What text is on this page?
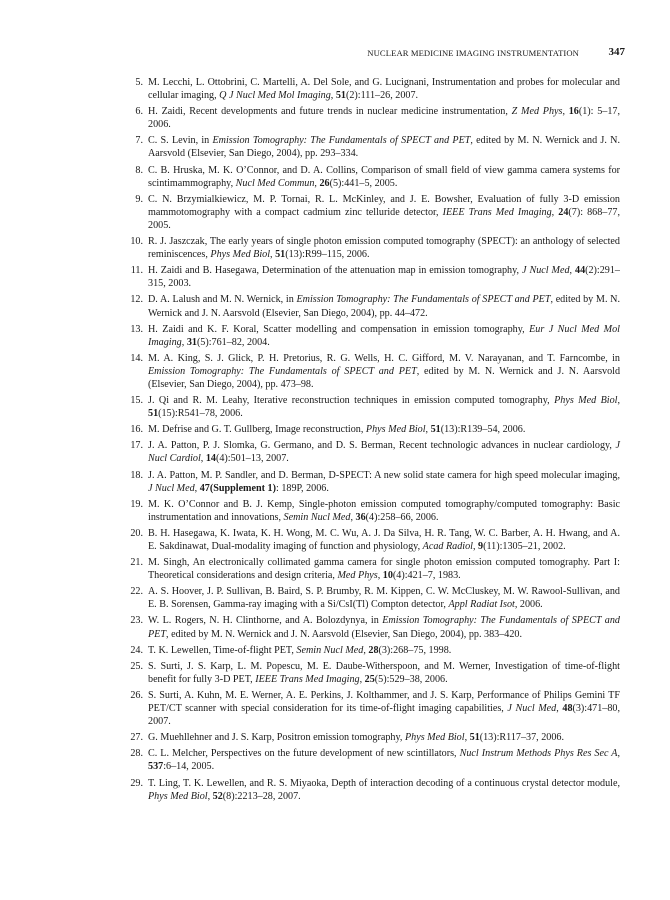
NUCLEAR MEDICINE IMAGING INSTRUMENTATION	347
5. M. Lecchi, L. Ottobrini, C. Martelli, A. Del Sole, and G. Lucignani, Instrumentation and probes for molecular and cellular imaging, Q J Nucl Med Mol Imaging, 51(2):111–26, 2007.
6. H. Zaidi, Recent developments and future trends in nuclear medicine instrumentation, Z Med Phys, 16(1): 5–17, 2006.
7. C. S. Levin, in Emission Tomography: The Fundamentals of SPECT and PET, edited by M. N. Wernick and J. N. Aarsvold (Elsevier, San Diego, 2004), pp. 293–334.
8. C. B. Hruska, M. K. O’Connor, and D. A. Collins, Comparison of small field of view gamma camera systems for scintimammography, Nucl Med Commun, 26(5):441–5, 2005.
9. C. N. Brzymialkiewicz, M. P. Tornai, R. L. McKinley, and J. E. Bowsher, Evaluation of fully 3-D emission mammotomography with a compact cadmium zinc telluride detector, IEEE Trans Med Imaging, 24(7): 868–77, 2005.
10. R. J. Jaszczak, The early years of single photon emission computed tomography (SPECT): an anthology of selected reminiscences, Phys Med Biol, 51(13):R99–115, 2006.
11. H. Zaidi and B. Hasegawa, Determination of the attenuation map in emission tomography, J Nucl Med, 44(2):291–315, 2003.
12. D. A. Lalush and M. N. Wernick, in Emission Tomography: The Fundamentals of SPECT and PET, edited by M. N. Wernick and J. N. Aarsvold (Elsevier, San Diego, 2004), pp. 44–472.
13. H. Zaidi and K. F. Koral, Scatter modelling and compensation in emission tomography, Eur J Nucl Med Mol Imaging, 31(5):761–82, 2004.
14. M. A. King, S. J. Glick, P. H. Pretorius, R. G. Wells, H. C. Gifford, M. V. Narayanan, and T. Farncombe, in Emission Tomography: The Fundamentals of SPECT and PET, edited by M. N. Wernick and J. N. Aarsvold (Elsevier, San Diego, 2004), pp. 473–98.
15. J. Qi and R. M. Leahy, Iterative reconstruction techniques in emission computed tomography, Phys Med Biol, 51(15):R541–78, 2006.
16. M. Defrise and G. T. Gullberg, Image reconstruction, Phys Med Biol, 51(13):R139–54, 2006.
17. J. A. Patton, P. J. Slomka, G. Germano, and D. S. Berman, Recent technologic advances in nuclear cardiology, J Nucl Cardiol, 14(4):501–13, 2007.
18. J. A. Patton, M. P. Sandler, and D. Berman, D-SPECT: A new solid state camera for high speed molecular imaging, J Nucl Med, 47(Supplement 1): 189P, 2006.
19. M. K. O’Connor and B. J. Kemp, Single-photon emission computed tomography/computed tomography: Basic instrumentation and innovations, Semin Nucl Med, 36(4):258–66, 2006.
20. B. H. Hasegawa, K. Iwata, K. H. Wong, M. C. Wu, A. J. Da Silva, H. R. Tang, W. C. Barber, A. H. Hwang, and A. E. Sakdinawat, Dual-modality imaging of function and physiology, Acad Radiol, 9(11):1305–21, 2002.
21. M. Singh, An electronically collimated gamma camera for single photon emission computed tomography. Part I: Theoretical considerations and design criteria, Med Phys, 10(4):421–7, 1983.
22. A. S. Hoover, J. P. Sullivan, B. Baird, S. P. Brumby, R. M. Kippen, C. W. McCluskey, M. W. Rawool-Sullivan, and E. B. Sorensen, Gamma-ray imaging with a Si/CsI(Tl) Compton detector, Appl Radiat Isot, 2006.
23. W. L. Rogers, N. H. Clinthorne, and A. Bolozdynya, in Emission Tomography: The Fundamentals of SPECT and PET, edited by M. N. Wernick and J. N. Aarsvold (Elsevier, San Diego, 2004), pp. 383–420.
24. T. K. Lewellen, Time-of-flight PET, Semin Nucl Med, 28(3):268–75, 1998.
25. S. Surti, J. S. Karp, L. M. Popescu, M. E. Daube-Witherspoon, and M. Werner, Investigation of time-of-flight benefit for fully 3-D PET, IEEE Trans Med Imaging, 25(5):529–38, 2006.
26. S. Surti, A. Kuhn, M. E. Werner, A. E. Perkins, J. Kolthammer, and J. S. Karp, Performance of Philips Gemini TF PET/CT scanner with special consideration for its time-of-flight imaging capabilities, J Nucl Med, 48(3):471–80, 2007.
27. G. Muehllehner and J. S. Karp, Positron emission tomography, Phys Med Biol, 51(13):R117–37, 2006.
28. C. L. Melcher, Perspectives on the future development of new scintillators, Nucl Instrum Methods Phys Res Sec A, 537:6–14, 2005.
29. T. Ling, T. K. Lewellen, and R. S. Miyaoka, Depth of interaction decoding of a continuous crystal detector module, Phys Med Biol, 52(8):2213–28, 2007.
